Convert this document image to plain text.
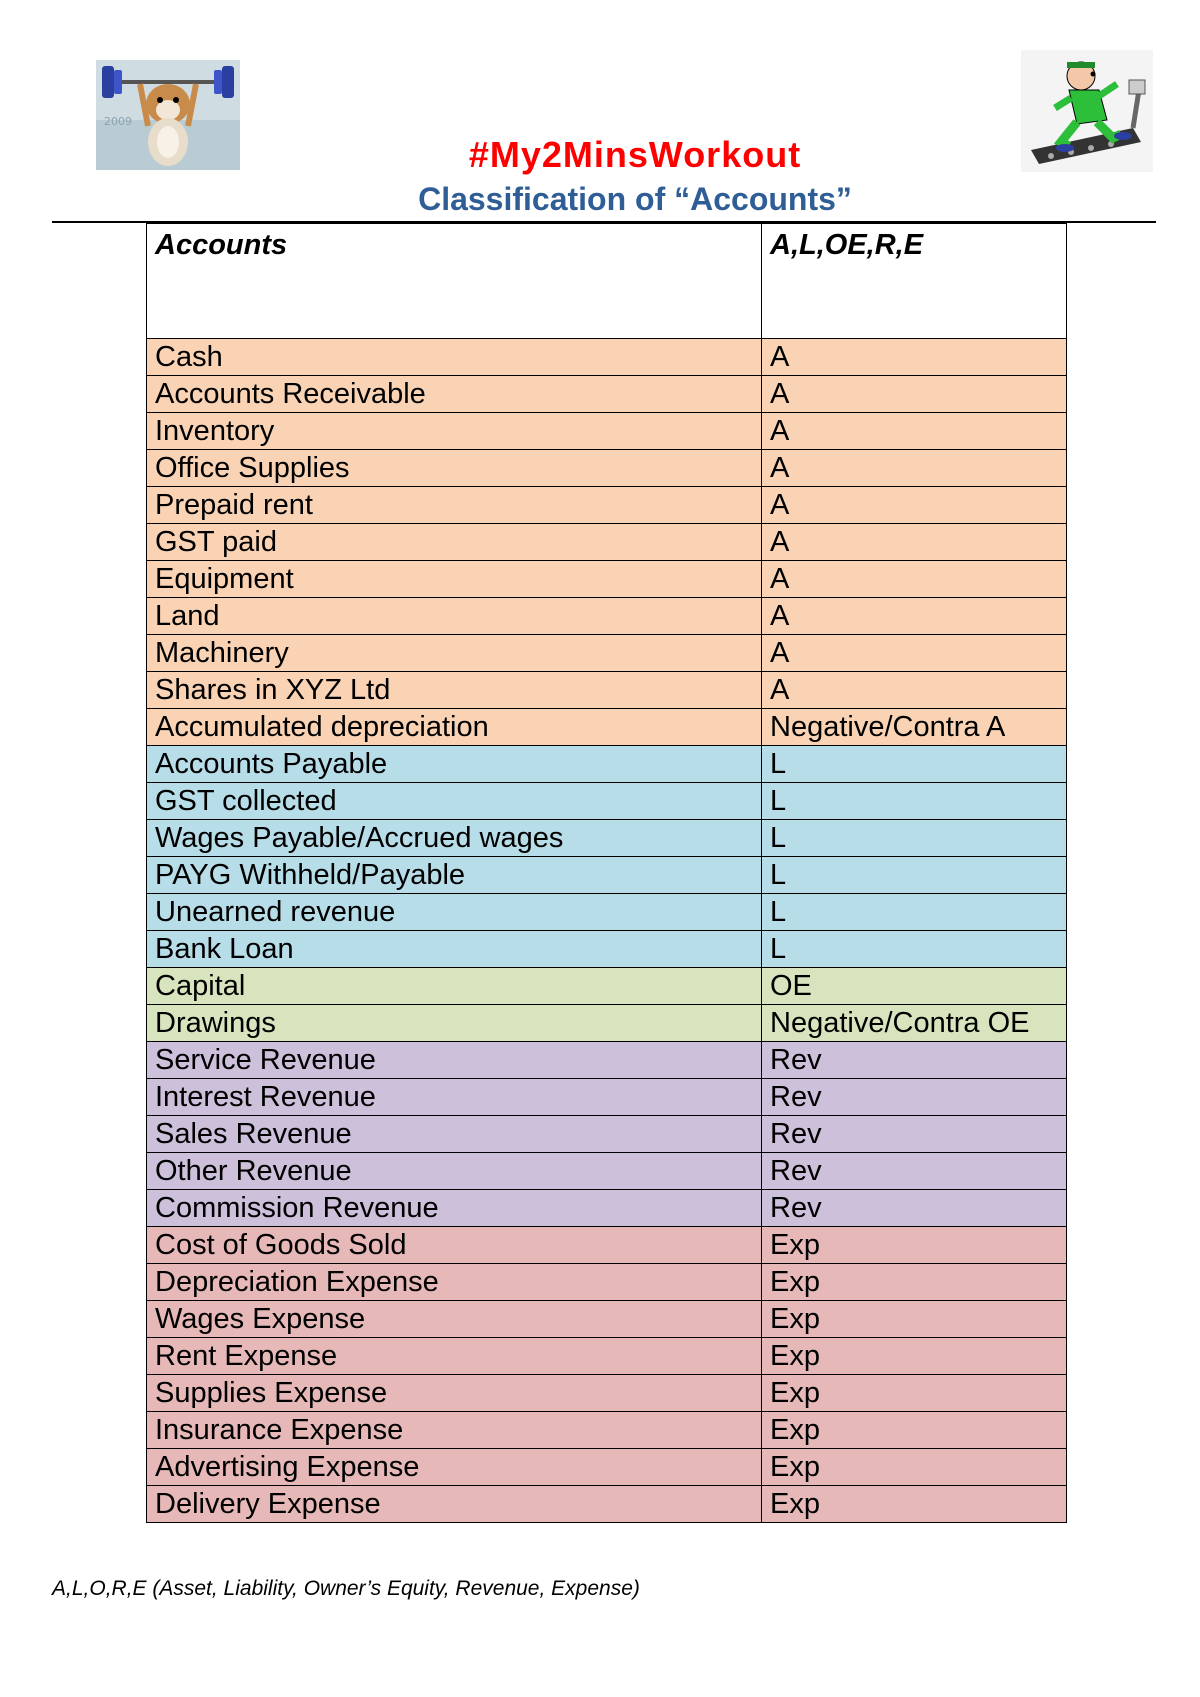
2009
#My2MinsWorkout
Classification of “Accounts”
Accounts	A,L,OE,R,E
Cash	A
Accounts Receivable	A
Inventory	A
Office Supplies	A
Prepaid rent	A
GST paid	A
Equipment	A
Land	A
Machinery	A
Shares in XYZ Ltd	A
Accumulated depreciation	Negative/Contra A
Accounts Payable	L
GST collected	L
Wages Payable/Accrued wages	L
PAYG Withheld/Payable	L
Unearned revenue	L
Bank Loan	L
Capital	OE
Drawings	Negative/Contra OE
Service Revenue	Rev
Interest Revenue	Rev
Sales Revenue	Rev
Other Revenue	Rev
Commission Revenue	Rev
Cost of Goods Sold	Exp
Depreciation Expense	Exp
Wages Expense	Exp
Rent Expense	Exp
Supplies Expense	Exp
Insurance Expense	Exp
Advertising Expense	Exp
Delivery Expense	Exp
A,L,O,R,E (Asset, Liability, Owner’s Equity, Revenue, Expense)
